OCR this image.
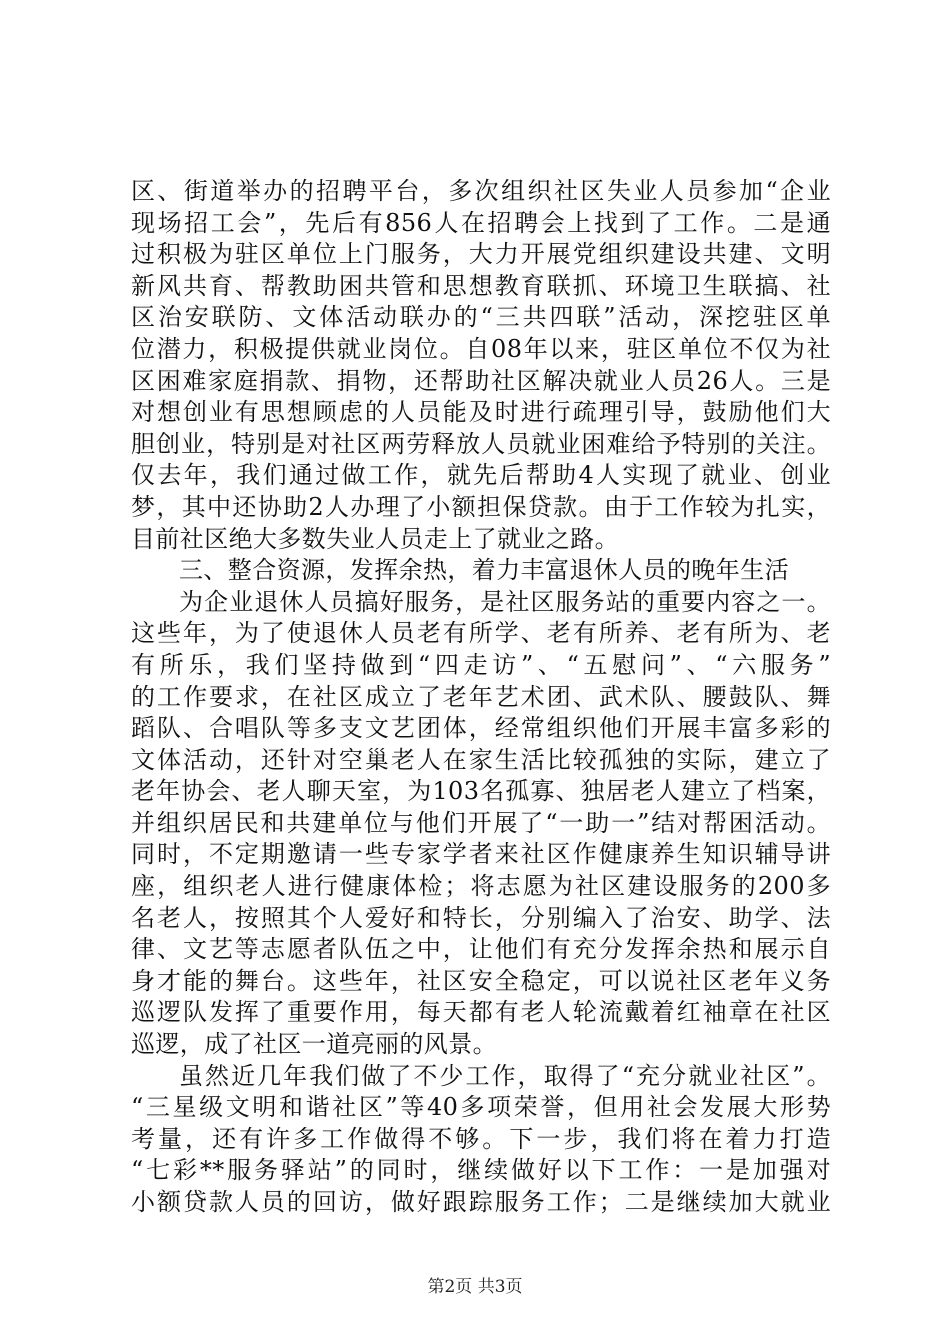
区、街道举办的招聘平台，多次组织社区失业人员参加“企业
现场招工会”，先后有856人在招聘会上找到了工作。二是通
过积极为驻区单位上门服务，大力开展党组织建设共建、文明
新风共育、帮教助困共管和思想教育联抓、环境卫生联搞、社
区治安联防、文体活动联办的“三共四联”活动，深挖驻区单
位潜力，积极提供就业岗位。自08年以来，驻区单位不仅为社
区困难家庭捐款、捐物，还帮助社区解决就业人员26人。三是
对想创业有思想顾虑的人员能及时进行疏理引导，鼓励他们大
胆创业，特别是对社区两劳释放人员就业困难给予特别的关注。
仅去年，我们通过做工作，就先后帮助4人实现了就业、创业
梦，其中还协助2人办理了小额担保贷款。由于工作较为扎实，
目前社区绝大多数失业人员走上了就业之路。
三、整合资源，发挥余热，着力丰富退休人员的晚年生活
为企业退休人员搞好服务，是社区服务站的重要内容之一。
这些年，为了使退休人员老有所学、老有所养、老有所为、老
有所乐，我们坚持做到“四走访”、“五慰问”、“六服务”
的工作要求，在社区成立了老年艺术团、武术队、腰鼓队、舞
蹈队、合唱队等多支文艺团体，经常组织他们开展丰富多彩的
文体活动，还针对空巢老人在家生活比较孤独的实际，建立了
老年协会、老人聊天室，为103名孤寡、独居老人建立了档案，
并组织居民和共建单位与他们开展了“一助一”结对帮困活动。
同时，不定期邀请一些专家学者来社区作健康养生知识辅导讲
座，组织老人进行健康体检；将志愿为社区建设服务的200多
名老人，按照其个人爱好和特长，分别编入了治安、助学、法
律、文艺等志愿者队伍之中，让他们有充分发挥余热和展示自
身才能的舞台。这些年，社区安全稳定，可以说社区老年义务
巡逻队发挥了重要作用，每天都有老人轮流戴着红袖章在社区
巡逻，成了社区一道亮丽的风景。
虽然近几年我们做了不少工作，取得了“充分就业社区”。
“三星级文明和谐社区”等40多项荣誉，但用社会发展大形势
考量，还有许多工作做得不够。下一步，我们将在着力打造
“七彩**服务驿站”的同时，继续做好以下工作：一是加强对
小额贷款人员的回访，做好跟踪服务工作；二是继续加大就业
第2页 共3页
